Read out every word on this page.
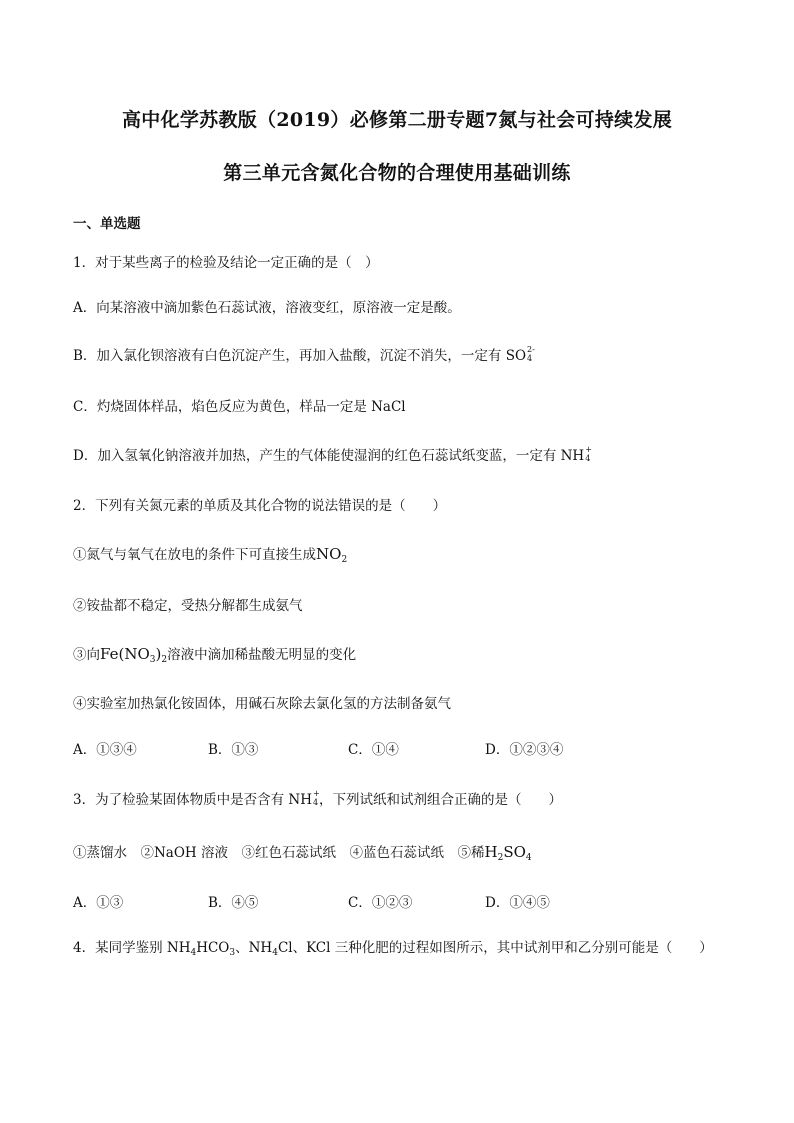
高中化学苏教版（2019）必修第二册专题7氮与社会可持续发展
第三单元含氮化合物的合理使用基础训练
一、单选题
1．对于某些离子的检验及结论一定正确的是（　）
A．向某溶液中滴加紫色石蕊试液，溶液变红，原溶液一定是酸。
B．加入氯化钡溶液有白色沉淀产生，再加入盐酸，沉淀不消失，一定有 SO 2-
4
C．灼烧固体样品，焰色反应为黄色，样品一定是 NaCl
D．加入氢氧化钠溶液并加热，产生的气体能使湿润的红色石蕊试纸变蓝，一定有 NH +
4
2．下列有关氮元素的单质及其化合物的说法错误的是（　　）
①氮气与氧气在放电的条件下可直接生成$NO_2$
②铵盐都不稳定，受热分解都生成氨气
③向$Fe(NO_3)_2$溶液中滴加稀盐酸无明显的变化
④实验室加热氯化铵固体，用碱石灰除去氯化氢的方法制备氨气
A．①③④	B．①③	C．①④	D．①②③④
3．为了检验某固体物质中是否含有 NH +
4 ，下列试纸和试剂组合正确的是（　　）
①蒸馏水　②NaOH 溶液　③红色石蕊试纸　④蓝色石蕊试纸　⑤稀$H_2SO_4$
A．①③	B．④⑤	C．①②③	D．①④⑤
4．某同学鉴别 $NH_4HCO_3$、$NH_4Cl$、KCl 三种化肥的过程如图所示，其中试剂甲和乙分别可能是（　　）
